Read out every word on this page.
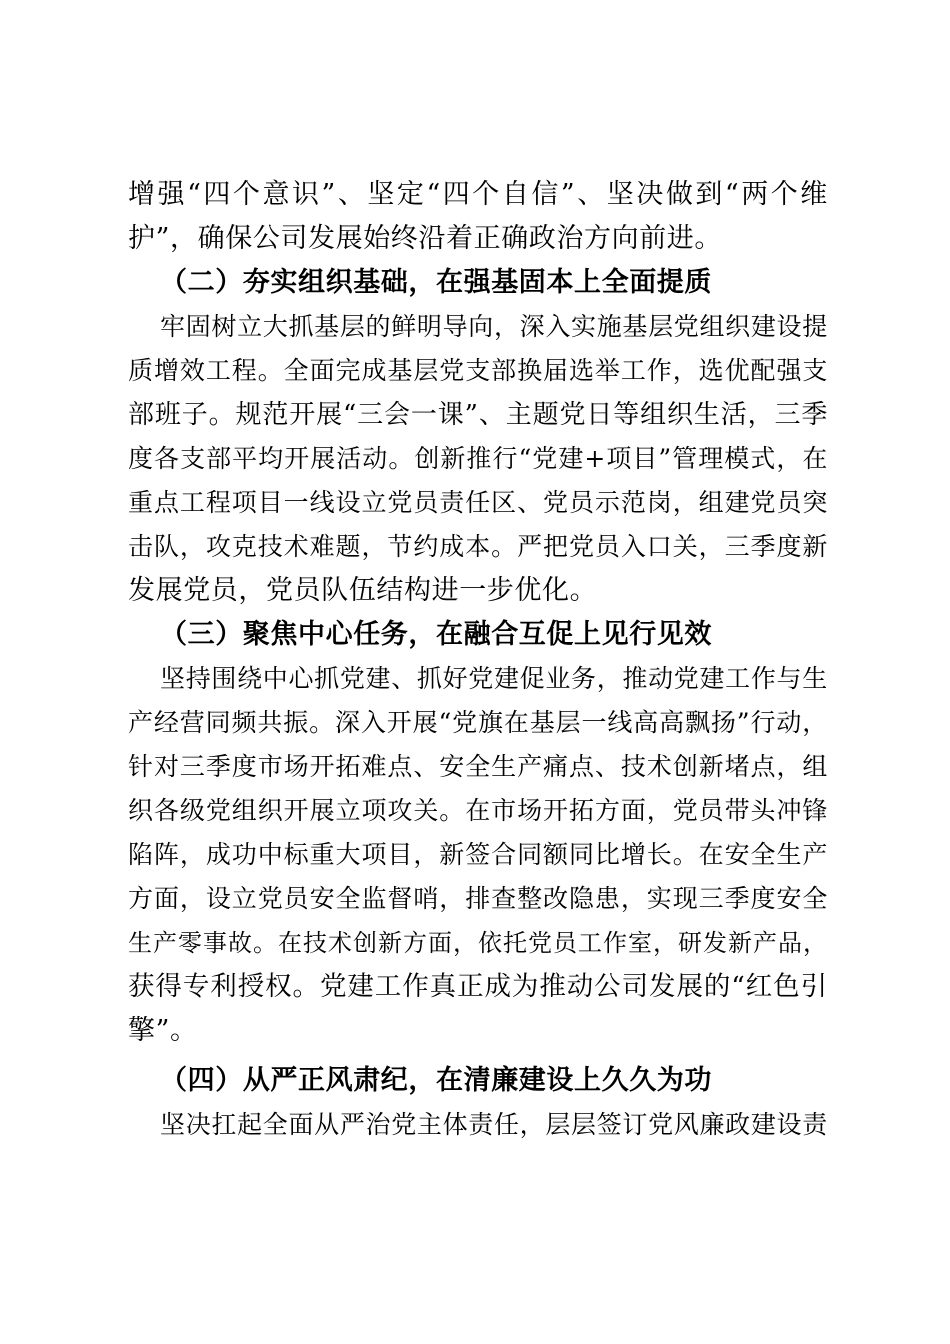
增 强 “ 四 个 意 识 ” 、 坚 定 “ 四 个 自 信 ” 、 坚 决 做 到 “ 两 个 维
护”，确保公司发展始终沿着正确政治方向前进。
（二）夯实组织基础，在强基固本上全面提质
牢 固 树 立 大 抓 基 层 的 鲜 明 导 向 ， 深 入 实 施 基 层 党 组 织 建 设 提
质 增 效 工 程 。 全 面 完 成 基 层 党 支 部 换 届 选 举 工 作 ， 选 优 配 强 支
部 班 子 。 规 范 开 展 “ 三 会 一 课 ” 、 主 题 党 日 等 组 织 生 活 ， 三 季
度 各 支 部 平 均 开 展 活 动 。 创 新 推 行 “ 党 建 + 项 目 ” 管 理 模 式 ， 在
重 点 工 程 项 目 一 线 设 立 党 员 责 任 区 、 党 员 示 范 岗 ， 组 建 党 员 突
击 队 ， 攻 克 技 术 难 题 ， 节 约 成 本 。 严 把 党 员 入 口 关 ， 三 季 度 新
发展党员，党员队伍结构进一步优化。
（三）聚焦中心任务，在融合互促上见行见效
坚 持 围 绕 中 心 抓 党 建 、 抓 好 党 建 促 业 务 ， 推 动 党 建 工 作 与 生
产 经 营 同 频 共 振 。 深 入 开 展 “ 党 旗 在 基 层 一 线 高 高 飘 扬 ” 行 动 ，
针 对 三 季 度 市 场 开 拓 难 点 、 安 全 生 产 痛 点 、 技 术 创 新 堵 点 ， 组
织 各 级 党 组 织 开 展 立 项 攻 关 。 在 市 场 开 拓 方 面 ， 党 员 带 头 冲 锋
陷 阵 ， 成 功 中 标 重 大 项 目 ， 新 签 合 同 额 同 比 增 长 。 在 安 全 生 产
方 面 ， 设 立 党 员 安 全 监 督 哨 ， 排 查 整 改 隐 患 ， 实 现 三 季 度 安 全
生 产 零 事 故 。 在 技 术 创 新 方 面 ， 依 托 党 员 工 作 室 ， 研 发 新 产 品 ，
获 得 专 利 授 权 。 党 建 工 作 真 正 成 为 推 动 公 司 发 展 的 “ 红 色 引
擎”。
（四）从严正风肃纪，在清廉建设上久久为功
坚 决 扛 起 全 面 从 严 治 党 主 体 责 任 ， 层 层 签 订 党 风 廉 政 建 设 责
